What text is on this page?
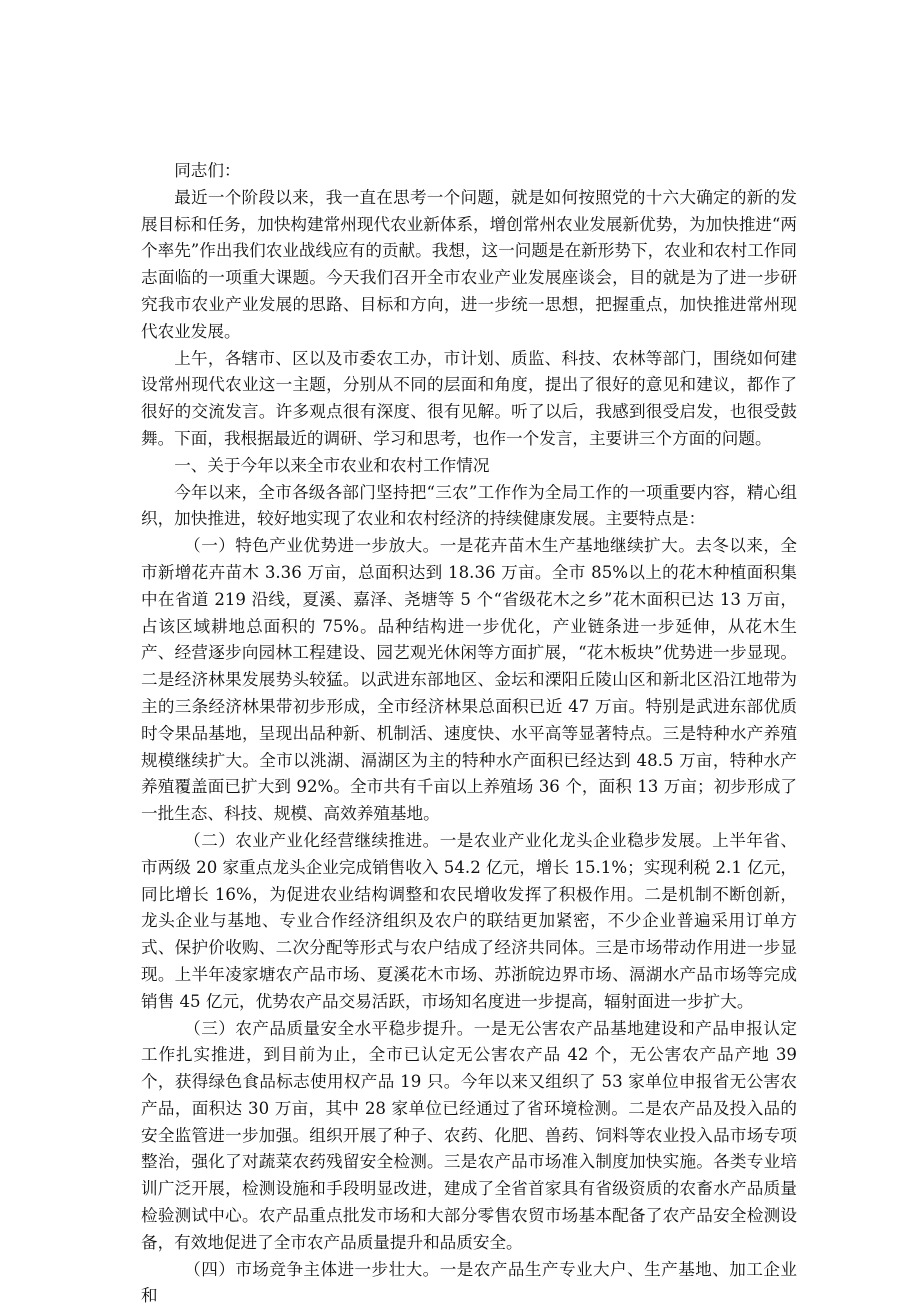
同志们：

最近一个阶段以来，我一直在思考一个问题，就是如何按照党的十六大确定的新的发展目标和任务，加快构建常州现代农业新体系，增创常州农业发展新优势，为加快推进“两个率先”作出我们农业战线应有的贡献。我想，这一问题是在新形势下，农业和农村工作同志面临的一项重大课题。今天我们召开全市农业产业发展座谈会，目的就是为了进一步研究我市农业产业发展的思路、目标和方向，进一步统一思想，把握重点，加快推进常州现代农业发展。

上午，各辖市、区以及市委农工办，市计划、质监、科技、农林等部门，围绕如何建设常州现代农业这一主题，分别从不同的层面和角度，提出了很好的意见和建议，都作了很好的交流发言。许多观点很有深度、很有见解。听了以后，我感到很受启发，也很受鼓舞。下面，我根据最近的调研、学习和思考，也作一个发言，主要讲三个方面的问题。

一、关于今年以来全市农业和农村工作情况

今年以来，全市各级各部门坚持把“三农”工作作为全局工作的一项重要内容，精心组织，加快推进，较好地实现了农业和农村经济的持续健康发展。主要特点是：

（一）特色产业优势进一步放大。一是花卉苗木生产基地继续扩大。去冬以来，全市新增花卉苗木 3.36 万亩，总面积达到 18.36 万亩。全市 85%以上的花木种植面积集中在省道 219 沿线，夏溪、嘉泽、尧塘等 5 个“省级花木之乡”花木面积已达 13 万亩，占该区域耕地总面积的 75%。品种结构进一步优化，产业链条进一步延伸，从花木生产、经营逐步向园林工程建设、园艺观光休闲等方面扩展，“花木板块”优势进一步显现。二是经济林果发展势头较猛。以武进东部地区、金坛和溧阳丘陵山区和新北区沿江地带为主的三条经济林果带初步形成，全市经济林果总面积已近 47 万亩。特别是武进东部优质时令果品基地，呈现出品种新、机制活、速度快、水平高等显著特点。三是特种水产养殖规模继续扩大。全市以洮湖、滆湖区为主的特种水产面积已经达到 48.5 万亩，特种水产养殖覆盖面已扩大到 92%。全市共有千亩以上养殖场 36 个，面积 13 万亩；初步形成了一批生态、科技、规模、高效养殖基地。

（二）农业产业化经营继续推进。一是农业产业化龙头企业稳步发展。上半年省、市两级 20 家重点龙头企业完成销售收入 54.2 亿元，增长 15.1%；实现利税 2.1 亿元，同比增长 16%，为促进农业结构调整和农民增收发挥了积极作用。二是机制不断创新，龙头企业与基地、专业合作经济组织及农户的联结更加紧密，不少企业普遍采用订单方式、保护价收购、二次分配等形式与农户结成了经济共同体。三是市场带动作用进一步显现。上半年凌家塘农产品市场、夏溪花木市场、苏浙皖边界市场、滆湖水产品市场等完成销售 45 亿元，优势农产品交易活跃，市场知名度进一步提高，辐射面进一步扩大。

（三）农产品质量安全水平稳步提升。一是无公害农产品基地建设和产品申报认定工作扎实推进，到目前为止，全市已认定无公害农产品 42 个，无公害农产品产地 39 个，获得绿色食品标志使用权产品 19 只。今年以来又组织了 53 家单位申报省无公害农产品，面积达 30 万亩，其中 28 家单位已经通过了省环境检测。二是农产品及投入品的安全监管进一步加强。组织开展了种子、农药、化肥、兽药、饲料等农业投入品市场专项整治，强化了对蔬菜农药残留安全检测。三是农产品市场准入制度加快实施。各类专业培训广泛开展，检测设施和手段明显改进，建成了全省首家具有省级资质的农畜水产品质量检验测试中心。农产品重点批发市场和大部分零售农贸市场基本配备了农产品安全检测设备，有效地促进了全市农产品质量提升和品质安全。

（四）市场竞争主体进一步壮大。一是农产品生产专业大户、生产基地、加工企业和
